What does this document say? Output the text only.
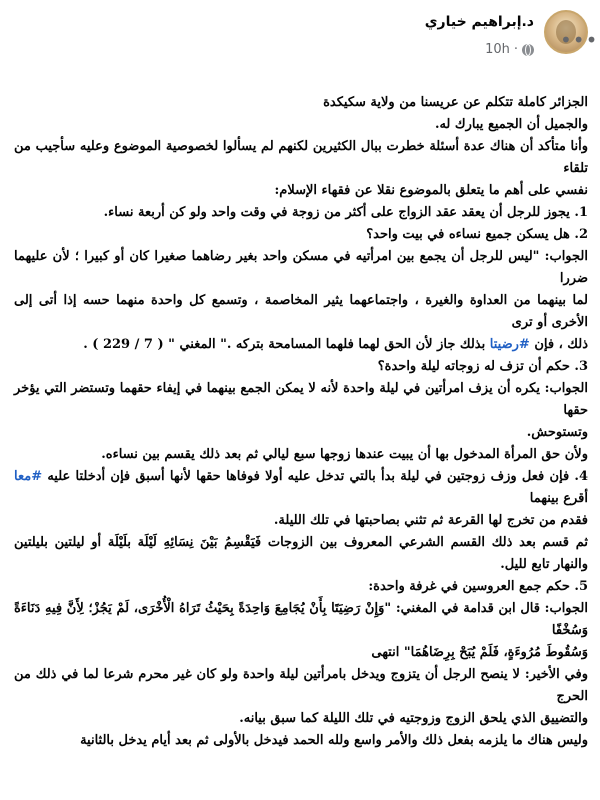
د.إبراهيم خياري
10h · •••

الجزائر كاملة تتكلم عن عريسنا من ولاية سكيكدة

والجميل أن الجميع يبارك له.

وأنا متأكد أن هناك عدة أسئلة خطرت ببال الكثيرين لكنهم لم يسألوا لخصوصية الموضوع وعليه سأجيب من تلقاء

نفسي على أهم ما يتعلق بالموضوع نقلا عن فقهاء الإسلام:

1. يجوز للرجل أن يعقد عقد الزواج على أكثر من زوجة في وقت واحد ولو كن أربعة نساء.

2. هل يسكن جميع نساءه في بيت واحد؟

الجواب: "ليس للرجل أن يجمع بين امرأتيه في مسكن واحد بغير رضاهما صغيرا كان أو كبيرا ؛ لأن عليهما ضررا

لما بينهما من العداوة والغيرة ، واجتماعهما يثير المخاصمة ، وتسمع كل واحدة منهما حسه إذا أتى إلى الأخرى أو ترى

ذلك ، فإن #رضيتا بذلك جاز لأن الحق لهما فلهما المسامحة بتركه ." المغني " ( 7 / 229 ) .

3. حكم أن تزف له زوجاته ليلة واحدة؟

الجواب: يكره أن يزف امرأتين في ليلة واحدة لأنه لا يمكن الجمع بينهما في إيفاء حقهما وتستضر التي يؤخر حقها

وتستوحش.

ولأن حق المرأة المدخول بها أن يبيت عندها زوجها سبع ليالي ثم بعد ذلك يقسم بين نساءه.

4. فإن فعل وزف زوجتين في ليلة بدأ بالتي تدخل عليه أولا فوفاها حقها لأنها أسبق فإن أدخلتا عليه #معا أقرع بينهما

فقدم من تخرج لها القرعة ثم تثني بصاحبتها في تلك الليلة.

ثم قسم بعد ذلك القسم الشرعي المعروف بين الزوجات فَيَقْسِمُ بَيْنَ نِسَائِهِ لَيْلَة بلَيْلَة أو ليلتين بليلتين والنهار تابع لليل.

5. حكم جمع العروسين في غرفة واحدة:

الجواب: قال ابن قدامة في المغني: "وَإِنْ رَضِيَتَا بِأَنْ يُجَامِعَ وَاحِدَةً بِحَيْثُ تَرَاهُ الْأُخْرَى، لَمْ يَجُزْ؛ لِأَنَّ فِيهِ دَنَاءَةً وَسُخْفًا

وَسُقُوطَ مُرُوءَةٍ، فَلَمْ يُبَحْ بِرِضَاهُمَا" انتهى

وفي الأخير: لا ينصح الرجل أن يتزوج ويدخل بامرأتين ليلة واحدة ولو كان غير محرم شرعا لما في ذلك من الحرج

والتضييق الذي يلحق الزوج وزوجتيه في تلك الليلة كما سبق بيانه.

وليس هناك ما يلزمه بفعل ذلك والأمر واسع ولله الحمد فيدخل بالأولى ثم بعد أيام يدخل بالثانية
